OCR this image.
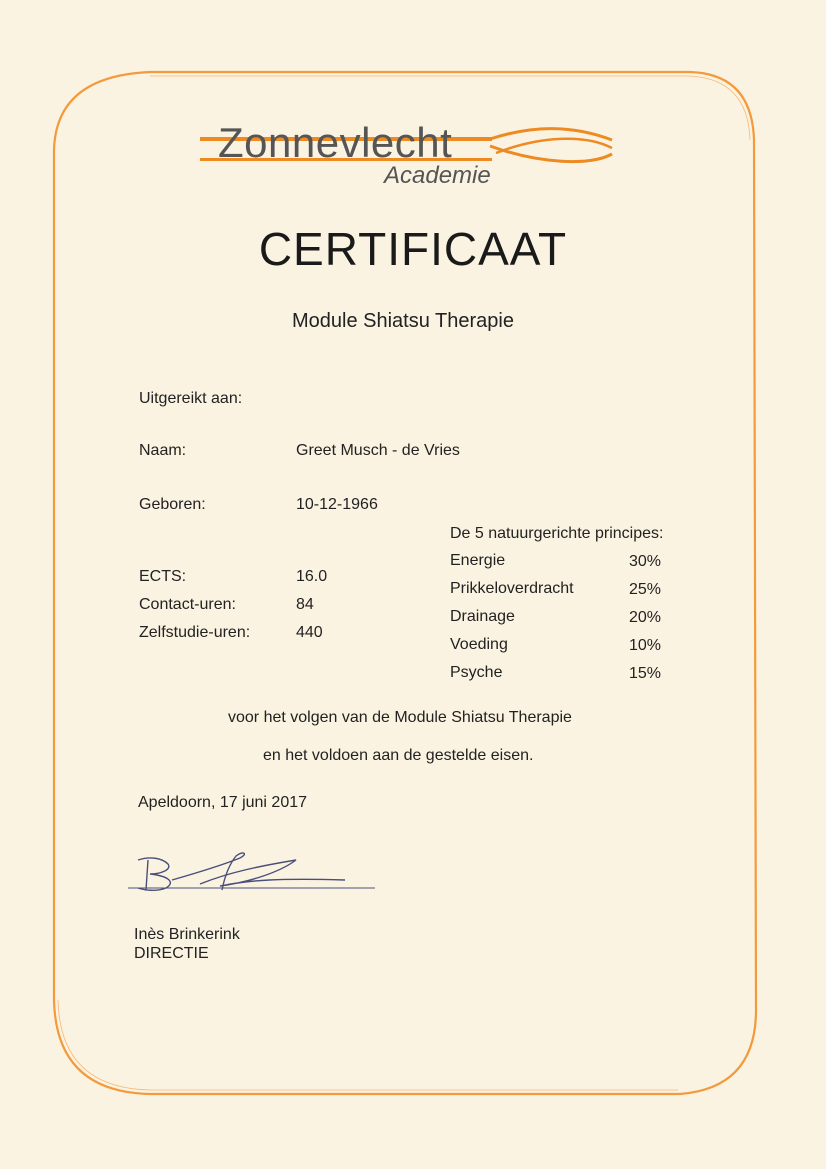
Zonnevlecht
Academie
CERTIFICAAT
Module Shiatsu Therapie
Uitgereikt aan:
Naam:	Greet Musch - de Vries
Geboren:	10-12-1966
ECTS:	16.0
Contact-uren:	84
Zelfstudie-uren:	440
De 5 natuurgerichte principes:
Energie	30%
Prikkeloverdracht	25%
Drainage	20%
Voeding	10%
Psyche	15%
voor het volgen van de Module Shiatsu Therapie
en het voldoen aan de gestelde eisen.
Apeldoorn, 17 juni 2017
Inès Brinkerink
DIRECTIE
